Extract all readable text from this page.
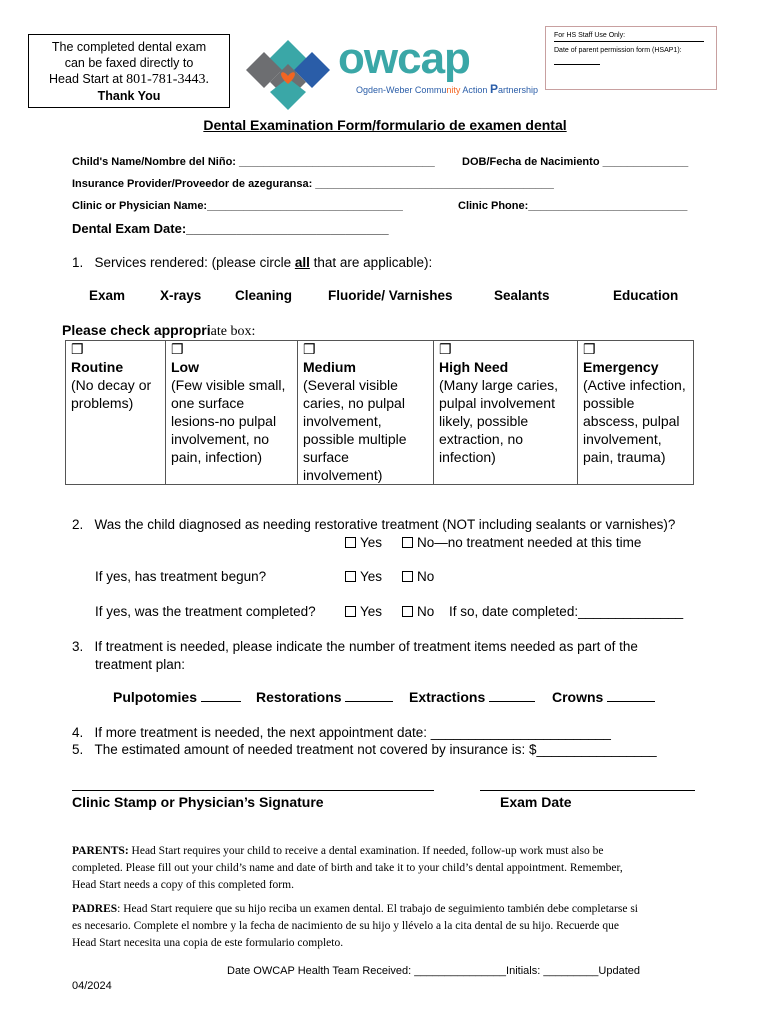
The completed dental exam
can be faxed directly to
Head Start at 801-781-3443.
Thank You
owcap
Ogden-Weber Community Action Partnership
For HS Staff Use Only:
Date of parent permission form (HSAP1):
Dental Examination Form/formulario de examen dental
Child's Name/Nombre del Niño: ________________________________ DOB/Fecha de Nacimiento ______________
Insurance Provider/Proveedor de azeguransa: _______________________________________
Clinic or Physician Name:________________________________	Clinic Phone:__________________________
Dental Exam Date:____________________________
1. Services rendered: (please circle all that are applicable):
Exam	X-rays Cleaning	Fluoride/ Varnishes	Sealants	Education
Please check appropriate box:
❒
Routine
(No decay or problems)	
❒
Low
(Few visible small, one surface lesions-no pulpal involvement, no pain, infection)	
❒
Medium
(Several visible caries, no pulpal involvement, possible multiple surface involvement)	
❒
High Need
(Many large caries, pulpal involvement likely, possible extraction, no infection)	
❒
Emergency
(Active infection, possible abscess, pulpal involvement, pain, trauma)
2. Was the child diagnosed as needing restorative treatment (NOT including sealants or varnishes)?
Yes	No—no treatment needed at this time
If yes, has treatment begun?	Yes	No
If yes, was the treatment completed?	Yes	No If so, date completed:______________
3. If treatment is needed, please indicate the number of treatment items needed as part of the
treatment plan:
Pulpotomies	Restorations	Extractions	Crowns
4. If more treatment is needed, the next appointment date: ________________________
5. The estimated amount of needed treatment not covered by insurance is: $________________
Clinic Stamp or Physician’s Signature	Exam Date
PARENTS: Head Start requires your child to receive a dental examination. If needed, follow-up work must also be
completed. Please fill out your child’s name and date of birth and take it to your child’s dental appointment. Remember,
Head Start needs a copy of this completed form.
PADRES: Head Start requiere que su hijo reciba un examen dental. El trabajo de seguimiento también debe completarse si
es necesario. Complete el nombre y la fecha de nacimiento de su hijo y llévelo a la cita dental de su hijo. Recuerde que
Head Start necesita una copia de este formulario completo.
Date OWCAP Health Team Received: _______________Initials: _________Updated
04/2024
